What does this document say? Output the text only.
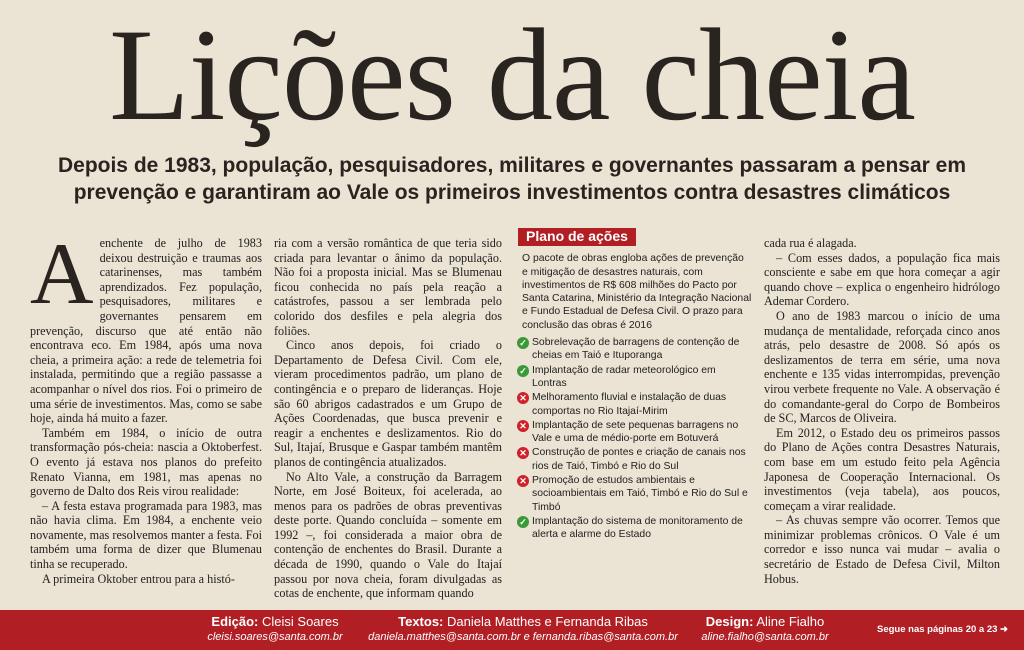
Lições da cheia
Depois de 1983, população, pesquisadores, militares e governantes passaram a pensar em prevenção e garantiram ao Vale os primeiros investimentos contra desastres climáticos
A enchente de julho de 1983 deixou destruição e traumas aos catarinenses, mas também aprendizados. Fez população, pesquisadores, militares e governantes pensarem em prevenção, discurso que até então não encontrava eco. Em 1984, após uma nova cheia, a primeira ação: a rede de telemetria foi instalada, permitindo que a região passasse a acompanhar o nível dos rios. Foi o primeiro de uma série de investimentos. Mas, como se sabe hoje, ainda há muito a fazer.

Também em 1984, o início de outra transformação pós-cheia: nascia a Oktoberfest. O evento já estava nos planos do prefeito Renato Vianna, em 1981, mas apenas no governo de Dalto dos Reis virou realidade:

– A festa estava programada para 1983, mas não havia clima. Em 1984, a enchente veio novamente, mas resolvemos manter a festa. Foi também uma forma de dizer que Blumenau tinha se recuperado.

A primeira Oktober entrou para a histó-

ria com a versão romântica de que teria sido criada para levantar o ânimo da população. Não foi a proposta inicial. Mas se Blumenau ficou conhecida no país pela reação a catástrofes, passou a ser lembrada pelo colorido dos desfiles e pela alegria dos foliões.

Cinco anos depois, foi criado o Departamento de Defesa Civil. Com ele, vieram procedimentos padrão, um plano de contingência e o preparo de lideranças. Hoje são 60 abrigos cadastrados e um Grupo de Ações Coordenadas, que busca prevenir e reagir a enchentes e deslizamentos. Rio do Sul, Itajaí, Brusque e Gaspar também mantêm planos de contingência atualizados.

No Alto Vale, a construção da Barragem Norte, em José Boiteux, foi acelerada, ao menos para os padrões de obras preventivas deste porte. Quando concluída – somente em 1992 –, foi considerada a maior obra de contenção de enchentes do Brasil. Durante a década de 1990, quando o Vale do Itajaí passou por nova cheia, foram divulgadas as cotas de enchente, que informam quando

Plano de ações
O pacote de obras engloba ações de prevenção e mitigação de desastres naturais, com investimentos de R$ 608 milhões do Pacto por Santa Catarina, Ministério da Integração Nacional e Fundo Estadual de Defesa Civil. O prazo para conclusão das obras é 2016
✓ Sobrelevação de barragens de contenção de cheias em Taió e Ituporanga
✓ Implantação de radar meteorológico em Lontras
✕ Melhoramento fluvial e instalação de duas comportas no Rio Itajaí-Mirim
✕ Implantação de sete pequenas barragens no Vale e uma de médio-porte em Botuverá
✕ Construção de pontes e criação de canais nos rios de Taió, Timbó e Rio do Sul
✕ Promoção de estudos ambientais e socioambientais em Taió, Timbó e Rio do Sul e Timbó
✓ Implantação do sistema de monitoramento de alerta e alarme do Estado

cada rua é alagada.

– Com esses dados, a população fica mais consciente e sabe em que hora começar a agir quando chove – explica o engenheiro hidrólogo Ademar Cordero.

O ano de 1983 marcou o início de uma mudança de mentalidade, reforçada cinco anos atrás, pelo desastre de 2008. Só após os deslizamentos de terra em série, uma nova enchente e 135 vidas interrompidas, prevenção virou verbete frequente no Vale. A observação é do comandante-geral do Corpo de Bombeiros de SC, Marcos de Oliveira.

Em 2012, o Estado deu os primeiros passos do Plano de Ações contra Desastres Naturais, com base em um estudo feito pela Agência Japonesa de Cooperação Internacional. Os investimentos (veja tabela), aos poucos, começam a virar realidade.

– As chuvas sempre vão ocorrer. Temos que minimizar problemas crônicos. O Vale é um corredor e isso nunca vai mudar – avalia o secretário de Estado de Defesa Civil, Milton Hobus.

Edição: Cleisi Soares
cleisi.soares@santa.com.br
Textos: Daniela Matthes e Fernanda Ribas
daniela.matthes@santa.com.br e fernanda.ribas@santa.com.br
Design: Aline Fialho
aline.fialho@santa.com.br
Segue nas páginas 20 a 23 ➜
